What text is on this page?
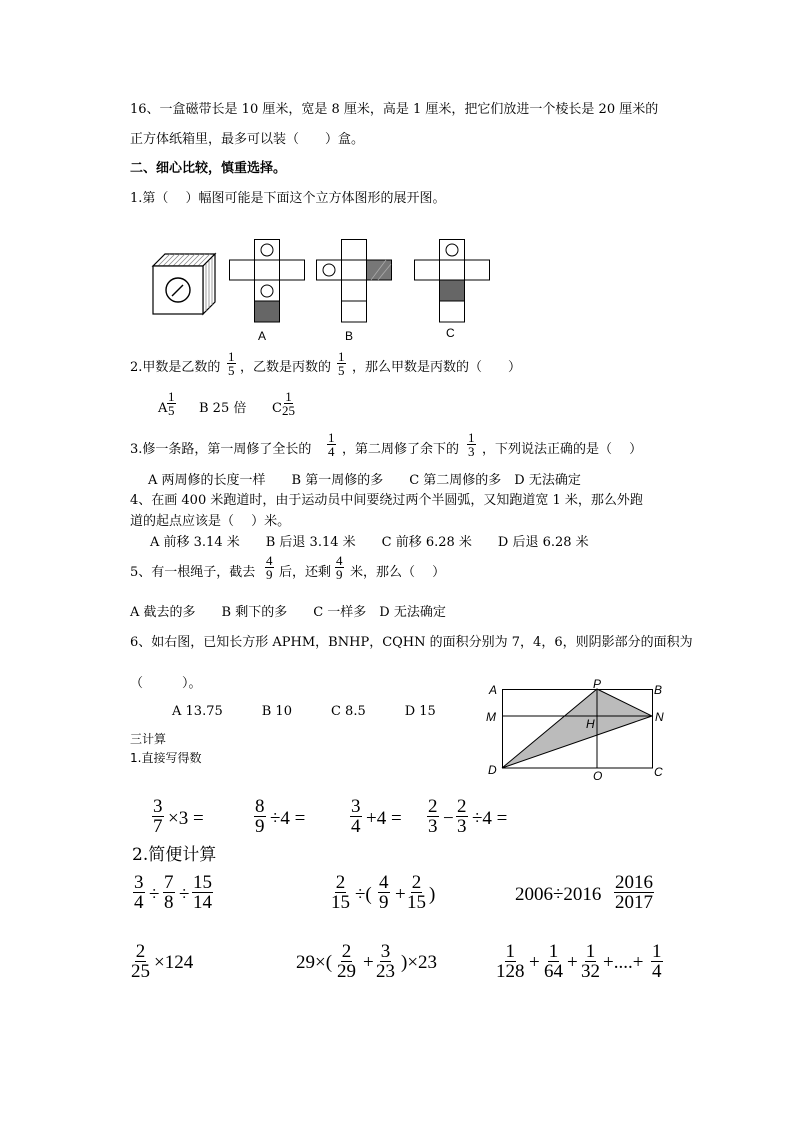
16、一盒磁带长是 10 厘米，宽是 8 厘米，高是 1 厘米，把它们放进一个棱长是 20 厘米的
正方体纸箱里，最多可以装（　　）盒。
二、细心比较，慎重选择。
1.第（　 ）幅图可能是下面这个立方体图形的展开图。
A	B	C
2.甲数是乙数的 $\frac{1}{5}$ ，乙数是丙数的 $\frac{1}{5}$ ，那么甲数是丙数的（　　）
A $\frac{1}{5}$ B 25 倍 C $\frac{1}{25}$
3.修一条路，第一周修了全长的 $\frac{1}{4}$ ，第二周修了余下的 $\frac{1}{3}$ ，下列说法正确的是（　 ）
A 两周修的长度一样　　B 第一周修的多　　C 第二周修的多　D 无法确定
4、在画 400 米跑道时，由于运动员中间要绕过两个半圆弧，又知跑道宽 1 米，那么外跑
道的起点应该是（　 ）米。
A 前移 3.14 米　　B 后退 3.14 米　　C 前移 6.28 米　　D 后退 6.28 米
5、有一根绳子，截去 $\frac{4}{9}$ 后，还剩 $\frac{4}{9}$ 米，那么（　 ）
A 截去的多　　B 剩下的多　　C 一样多　D 无法确定
6、如右图，已知长方形 APHM，BNHP，CQHN 的面积分别为 7，4，6，则阴影部分的面积为
（　　　）。
A 13.75　　　B 10　　　C 8.5　　　D 15
A	P	B
M	H	N
D	O	C
三计算
1.直接写得数
$\frac{3}{7} \times 3$ =	$\frac{8}{9} \div 4 = \frac{3}{4} +4 = \frac{2}{3} - \frac{2}{3} \div 4$ =
2.简便计算
$\frac{3}{4} \div \frac{7}{8} \div \frac{15}{14}$	$\frac{2}{15}$ ÷( $\frac{4}{9} + \frac{2}{15}$ )	$2006\div 2016 \frac{2016}{2017}$
$\frac{2}{25} \times 124$	$29\times( \frac{2}{29} + \frac{3}{23} )\times 23$	$\frac{1}{128} + \frac{1}{64} + \frac{1}{32}$ +....+ $\frac{1}{4}$
